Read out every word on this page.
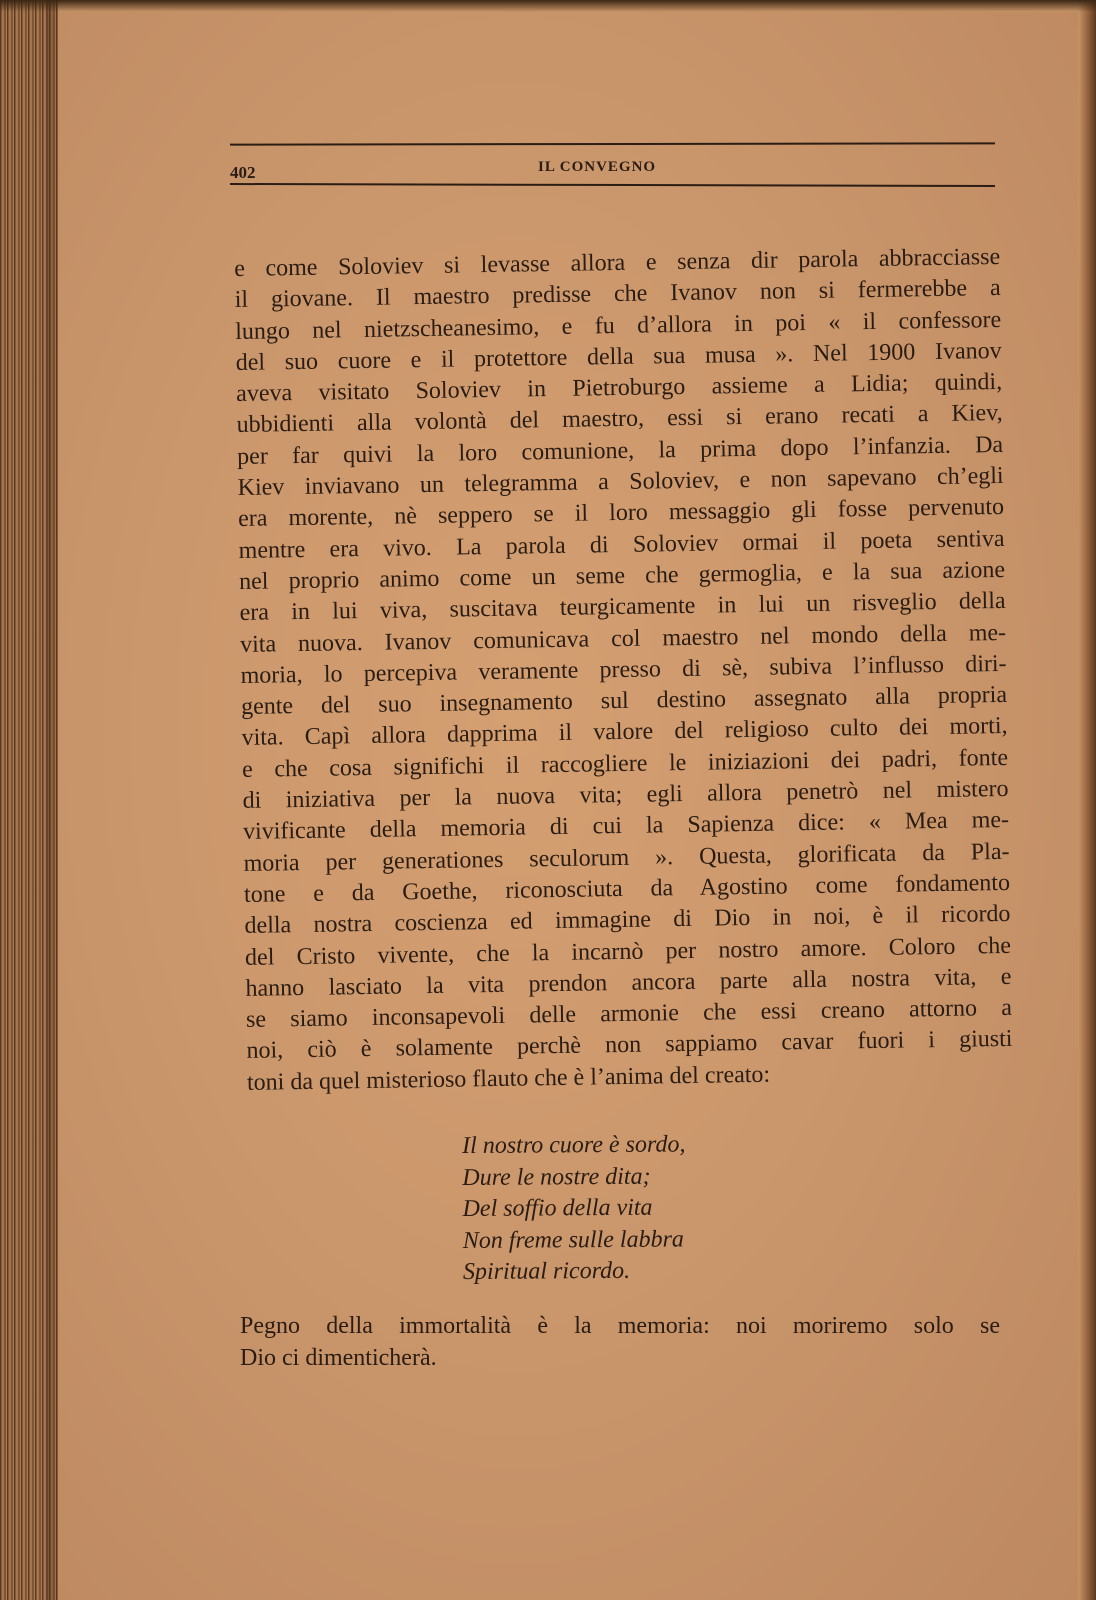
402	IL CONVEGNO
e come Soloviev si levasse allora e senza dir parola abbracciasse
il giovane. Il maestro predisse che Ivanov non si fermerebbe a
lungo nel nietzscheanesimo, e fu d’allora in poi « il confessore
del suo cuore e il protettore della sua musa ». Nel 1900 Ivanov
aveva visitato Soloviev in Pietroburgo assieme a Lidia; quindi,
ubbidienti alla volontà del maestro, essi si erano recati a Kiev,
per far quivi la loro comunione, la prima dopo l’infanzia. Da
Kiev inviavano un telegramma a Soloviev, e non sapevano ch’egli
era morente, nè seppero se il loro messaggio gli fosse pervenuto
mentre era vivo. La parola di Soloviev ormai il poeta sentiva
nel proprio animo come un seme che germoglia, e la sua azione
era in lui viva, suscitava teurgicamente in lui un risveglio della
vita nuova. Ivanov comunicava col maestro nel mondo della me-
moria, lo percepiva veramente presso di sè, subiva l’influsso diri-
gente del suo insegnamento sul destino assegnato alla propria
vita. Capì allora dapprima il valore del religioso culto dei morti,
e che cosa significhi il raccogliere le iniziazioni dei padri, fonte
di iniziativa per la nuova vita; egli allora penetrò nel mistero
vivificante della memoria di cui la Sapienza dice: « Mea me-
moria per generationes seculorum ». Questa, glorificata da Pla-
tone e da Goethe, riconosciuta da Agostino come fondamento
della nostra coscienza ed immagine di Dio in noi, è il ricordo
del Cristo vivente, che la incarnò per nostro amore. Coloro che
hanno lasciato la vita prendon ancora parte alla nostra vita, e
se siamo inconsapevoli delle armonie che essi creano attorno a
noi, ciò è solamente perchè non sappiamo cavar fuori i giusti
toni da quel misterioso flauto che è l’anima del creato:
Il nostro cuore è sordo,
Dure le nostre dita;
Del soffio della vita
Non freme sulle labbra
Spiritual ricordo.
Pegno della immortalità è la memoria: noi moriremo solo se
Dio ci dimenticherà.
